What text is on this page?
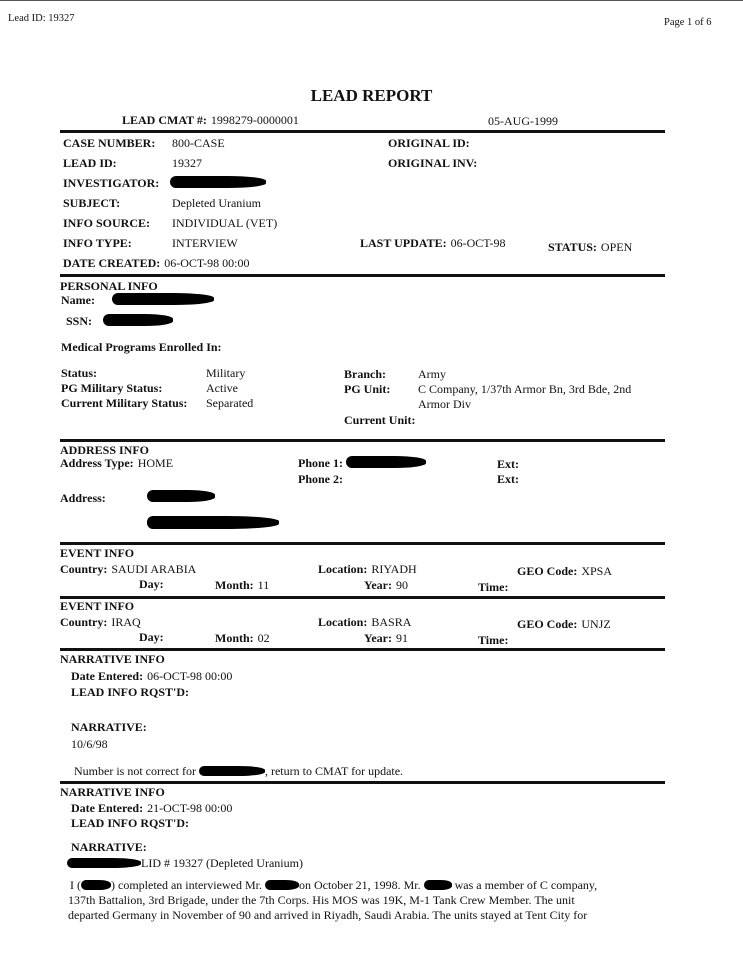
Lead ID: 19327	Page 1 of 6
LEAD REPORT
LEAD CMAT #: 1998279-0000001	05-AUG-1999
CASE NUMBER: 800-CASE	ORIGINAL ID:
LEAD ID:	19327	ORIGINAL INV:
INVESTIGATOR:
SUBJECT:	Depleted Uranium
INFO SOURCE: INDIVIDUAL (VET)
INFO TYPE:	INTERVIEW	LAST UPDATE: 06-OCT-98	STATUS: OPEN
DATE CREATED: 06-OCT-98 00:00
PERSONAL INFO
Name:
SSN:
Medical Programs Enrolled In:
Status:	Military
PG Military Status:	Active
Current Military Status: Separated
Branch:	Army
PG Unit: C Company, 1/37th Armor Bn, 3rd Bde, 2nd
Armor Div
Current Unit:
ADDRESS INFO
Address Type: HOME	Phone 1:
Phone 2:
Ext:
Ext:
Address:
EVENT INFO
Country: SAUDI ARABIA	Location: RIYADH	GEO Code: XPSA
Day:	Month: 11	Year: 90	Time:
EVENT INFO
Country: IRAQ	Location: BASRA	GEO Code: UNJZ
Day:	Month: 02	Year: 91	Time:
NARRATIVE INFO
Date Entered: 06-OCT-98 00:00
LEAD INFO RQST'D:
NARRATIVE:
10/6/98
Number is not correct for	, return to CMAT for update.
NARRATIVE INFO
Date Entered: 21-OCT-98 00:00
LEAD INFO RQST'D:
NARRATIVE:
LID # 19327 (Depleted Uranium)
I (	) completed an interviewed Mr.	on October 21, 1998. Mr.	was a member of C company,
137th Battalion, 3rd Brigade, under the 7th Corps. His MOS was 19K, M-1 Tank Crew Member. The unit
departed Germany in November of 90 and arrived in Riyadh, Saudi Arabia. The units stayed at Tent City for
